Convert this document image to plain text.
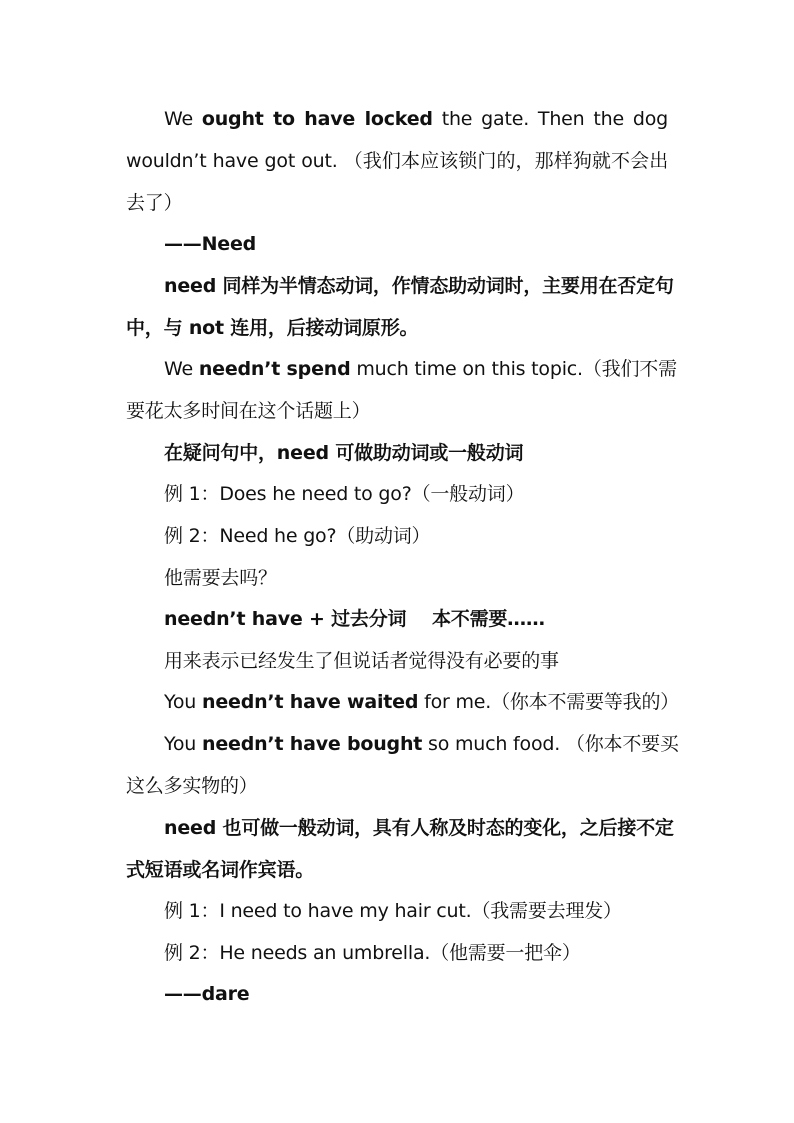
We ought to have locked the gate. Then the dog
wouldn’t have got out. （我们本应该锁门的，那样狗就不会出
去了）
——Need
need 同样为半情态动词，作情态助动词时，主要用在否定句
中，与 not 连用，后接动词原形。
We needn’t spend much time on this topic.（我们不需
要花太多时间在这个话题上）
在疑问句中，need 可做助动词或一般动词
例 1：Does he need to go?（一般动词）
例 2：Need he go?（助动词）
他需要去吗？
needn’t have + 过去分词    本不需要……
用来表示已经发生了但说话者觉得没有必要的事
You needn’t have waited for me.（你本不需要等我的）
You needn’t have bought so much food. （你本不要买
这么多实物的）
need 也可做一般动词，具有人称及时态的变化，之后接不定
式短语或名词作宾语。
例 1：I need to have my hair cut.（我需要去理发）
例 2：He needs an umbrella.（他需要一把伞）
——dare
